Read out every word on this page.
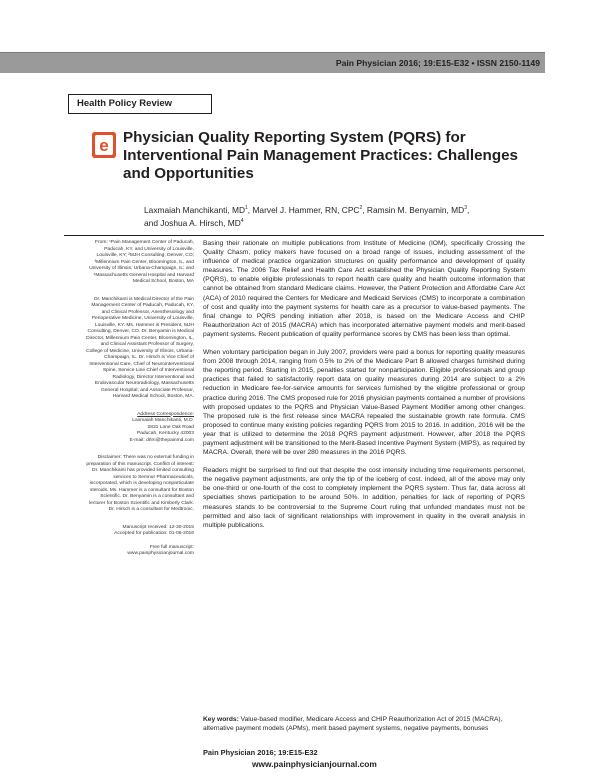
Pain Physician 2016; 19:E15-E32 • ISSN 2150-1149
Health Policy Review
e Physician Quality Reporting System (PQRS) for Interventional Pain Management Practices: Challenges and Opportunities
Laxmaiah Manchikanti, $MD^1$, Marvel J. Hammer, RN, CPC$^2$, Ramsin M. Benyamin, $MD^3$,
and Joshua A. Hirsch, $MD^4$

From: ¹Pain Management Center of Paducah, Paducah, KY, and University of Louisville, Louisville, KY; ²MJH Consulting, Denver, CO; ³Millennium Pain Center, Bloomington, IL, and University of Illinois, Urbana-Champaign, IL; and ⁴Massachusetts General Hospital and Harvard Medical School, Boston, MA

Dr. Manchikanti is Medical Director of the Pain Management Center of Paducah, Paducah, KY, and Clinical Professor, Anesthesiology and Perioperative Medicine, University of Louisville, Louisville, KY. Ms. Hammer is President, MJH Consulting, Denver, CO. Dr. Benyamin is Medical Director, Millennium Pain Center, Bloomington, IL, and Clinical Assistant Professor of Surgery, College of Medicine, University of Illinois, Urbana-Champaign, IL. Dr. Hirsch is Vice Chief of Interventional Care, Chief of Neurointerventional Spine, Service Line Chief of Interventional Radiology, Director Interventional and Endovascular Neuroradiology, Massachusetts General Hospital; and Associate Professor, Harvard Medical School, Boston, MA.

Address Correspondence:
Laxmaiah Manchikanti, M.D.
2831 Lone Oak Road
Paducah, Kentucky 42003
E-mail: drlm@thepainmd.com

Disclaimer: There was no external funding in preparation of this manuscript. Conflict of interest: Dr. Manchikanti has provided limited consulting services to Semnur Pharmaceuticals, incorporated, which is developing nonparticulate steroids. Ms. Hammer is a consultant for Boston Scientific. Dr. Benyamin is a consultant and lecturer for Boston Scientific and Kimberly Clark. Dr. Hirsch is a consultant for Medtronic.

Manuscript received: 12-30-2015
Accepted for publication: 01-06-2016

Free full manuscript:
www.painphysicianjournal.com

Basing their rationale on multiple publications from Institute of Medicine (IOM), specifically Crossing the Quality Chasm, policy makers have focused on a broad range of issues, including assessment of the influence of medical practice organization structures on quality performance and development of quality measures. The 2006 Tax Relief and Health Care Act established the Physician Quality Reporting System (PQRS), to enable eligible professionals to report health care quality and health outcome information that cannot be obtained from standard Medicare claims. However, the Patient Protection and Affordable Care Act (ACA) of 2010 required the Centers for Medicare and Medicaid Services (CMS) to incorporate a combination of cost and quality into the payment systems for health care as a precursor to value-based payments. The final change to PQRS pending initiation after 2018, is based on the Medicare Access and CHIP Reauthorization Act of 2015 (MACRA) which has incorporated alternative payment models and merit-based payment systems. Recent publication of quality performance scores by CMS has been less than optimal.

When voluntary participation began in July 2007, providers were paid a bonus for reporting quality measures from 2008 through 2014, ranging from 0.5% to 2% of the Medicare Part B allowed charges furnished during the reporting period. Starting in 2015, penalties started for nonparticipation. Eligible professionals and group practices that failed to satisfactorily report data on quality measures during 2014 are subject to a 2% reduction in Medicare fee-for-service amounts for services furnished by the eligible professional or group practice during 2016. The CMS proposed rule for 2016 physician payments contained a number of provisions with proposed updates to the PQRS and Physician Value-Based Payment Modifier among other changes. The proposed rule is the first release since MACRA repealed the sustainable growth rate formula. CMS proposed to continue many existing policies regarding PQRS from 2015 to 2016. In addition, 2016 will be the year that is utilized to determine the 2018 PQRS payment adjustment. However, after 2018 the PQRS payment adjustment will be transitioned to the Merit-Based Incentive Payment System (MIPS), as required by MACRA. Overall, there will be over 280 measures in the 2016 PQRS.

Readers might be surprised to find out that despite the cost intensity including time requirements personnel, the negative payment adjustments, are only the tip of the iceberg of cost. Indeed, all of the above may only be one-third or one-fourth of the cost to completely implement the PQRS system. Thus far, data across all specialties shows participation to be around 50%. In addition, penalties for lack of reporting of PQRS measures stands to be controversial to the Supreme Court ruling that unfunded mandates must not be permitted and also lack of significant relationships with improvement in quality in the overall analysis in multiple publications.

Key words: Value-based modifier, Medicare Access and CHIP Reauthorization Act of 2015 (MACRA), alternative payment models (APMs), merit based payment systems, negative payments, bonuses
Pain Physician 2016; 19:E15-E32
www.painphysicianjournal.com
